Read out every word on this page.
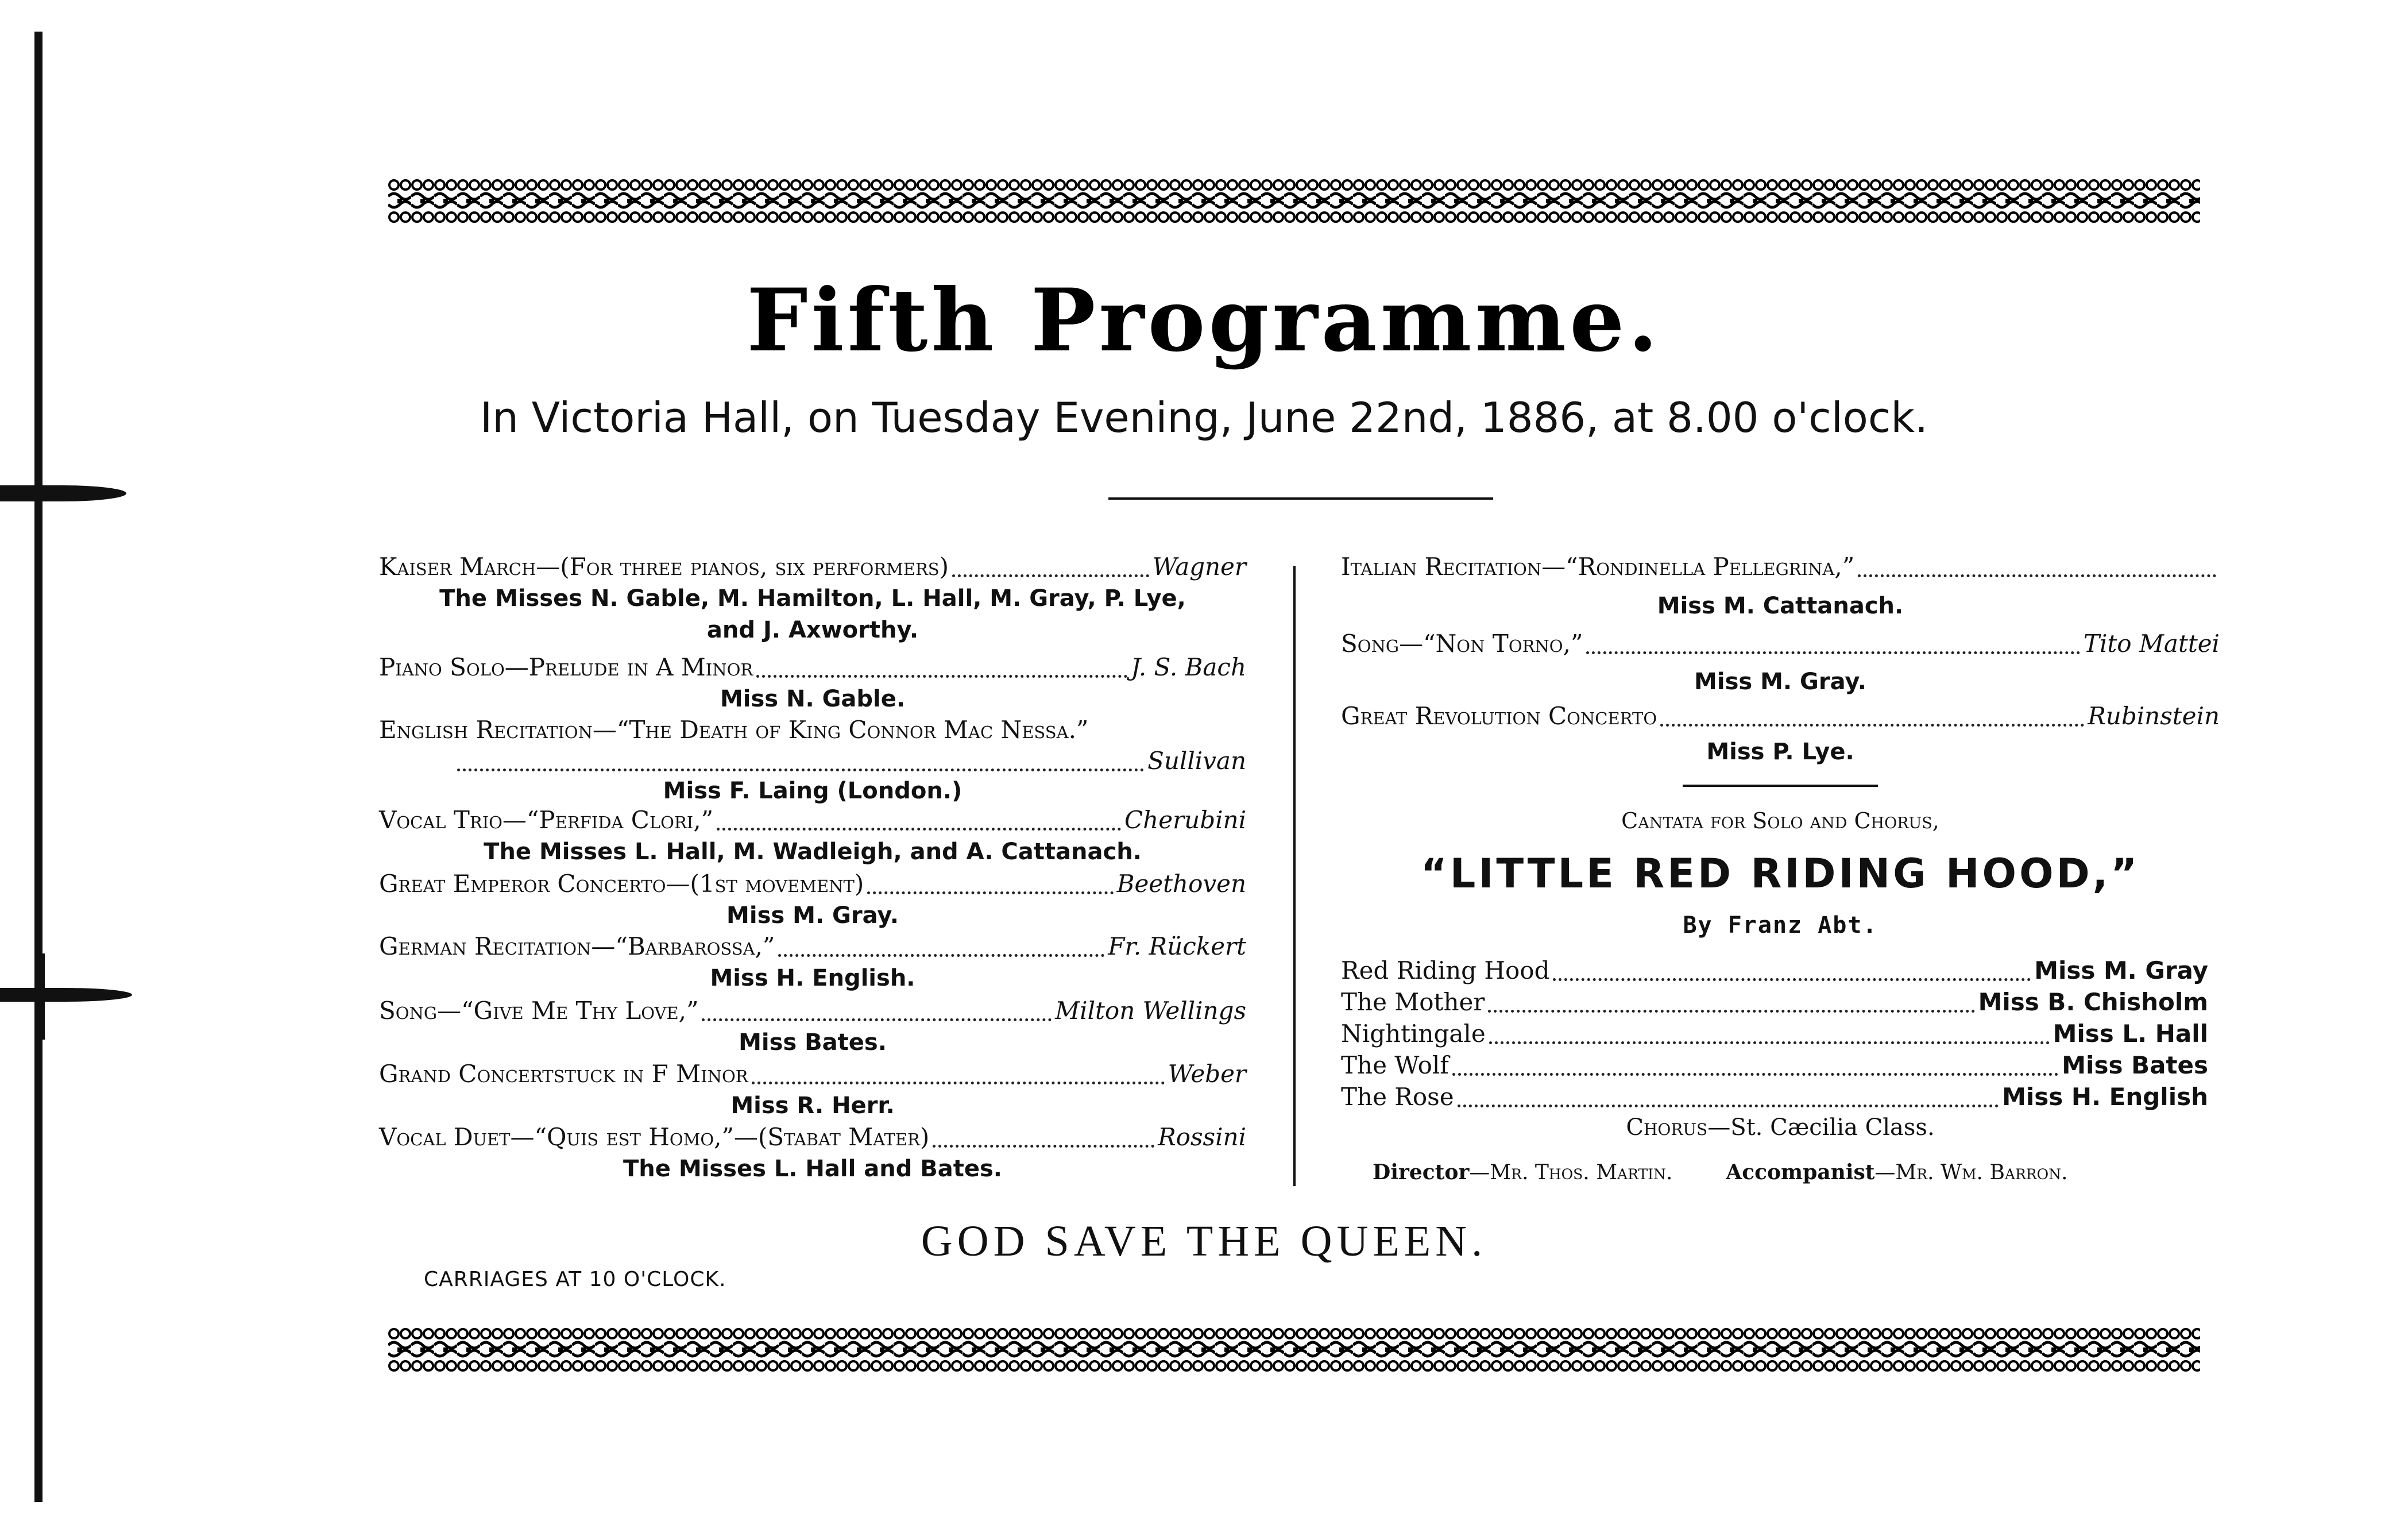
Fifth Programme.
In Victoria Hall, on Tuesday Evening, June 22nd, 1886, at 8.00 o'clock.
Kaiser March—(For three pianos, six performers)	Wagner
The Misses N. Gable, M. Hamilton, L. Hall, M. Gray, P. Lye,
and J. Axworthy.
Piano Solo—Prelude in A Minor	J. S. Bach
Miss N. Gable.
English Recitation—“The Death of King Connor Mac Nessa.”
Sullivan
Miss F. Laing (London.)
Vocal Trio—“Perfida Clori,”	Cherubini
The Misses L. Hall, M. Wadleigh, and A. Cattanach.
Great Emperor Concerto—(1st movement)	Beethoven
Miss M. Gray.
German Recitation—“Barbarossa,”	Fr. Rückert
Miss H. English.
Song—“Give Me Thy Love,”	Milton Wellings
Miss Bates.
Grand Concertstuck in F Minor	Weber
Miss R. Herr.
Vocal Duet—“Quis est Homo,”—(Stabat Mater)	Rossini
The Misses L. Hall and Bates.
Italian Recitation—“Rondinella Pellegrina,”
Miss M. Cattanach.
Song—“Non Torno,”	Tito Mattei
Miss M. Gray.
Great Revolution Concerto	Rubinstein
Miss P. Lye.
Cantata for Solo and Chorus,
“LITTLE RED RIDING HOOD,”
By Franz Abt.
Red Riding Hood	Miss M. Gray
The Mother	Miss B. Chisholm
Nightingale	Miss L. Hall
The Wolf	Miss Bates
The Rose	Miss H. English
Chorus—St. Cæcilia Class.
Director—Mr. Thos. Martin.	Accompanist—Mr. Wm. Barron.
GOD SAVE THE QUEEN.
CARRIAGES AT 10 O'CLOCK.
